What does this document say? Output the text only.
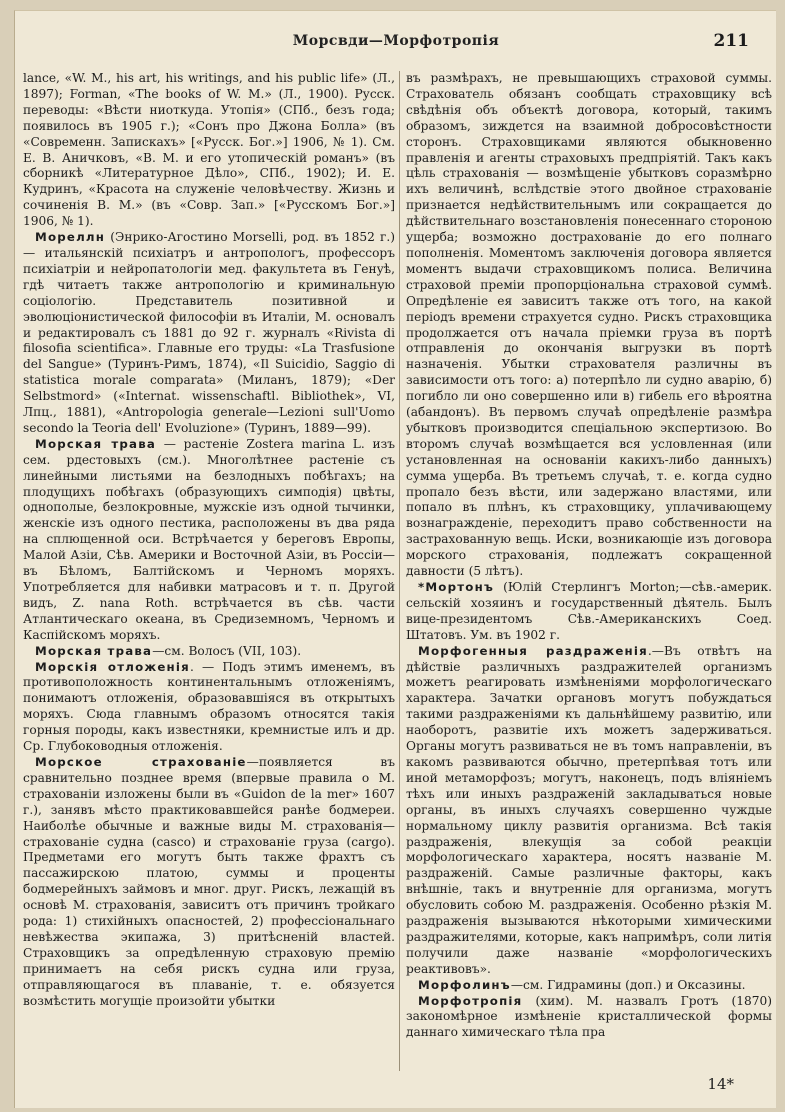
Морсвди—Морфотропія	211

lance, «W. M., his art, his writings, and his public life» (Л., 1897); Forman, «The books of W. M.» (Л., 1900). Русск. переводы: «Вѣсти ниоткуда. Утопія» (СПб., безъ года; появилось въ 1905 г.); «Сонъ про Джона Болла» (въ «Современн. Запискахъ» [«Русск. Бог.»] 1906, № 1). См. Е. В. Аничковъ, «В. М. и его утопическій романъ» (въ сборникѣ «Литературное Дѣло», СПб., 1902); И. Е. Кудринъ, «Красота на служеніе человѣчеству. Жизнь и сочиненія В. М.» (въ «Совр. Зап.» [«Русскомъ Бог.»] 1906, № 1).

Мореллн (Энрико-Агостино Morselli, род. въ 1852 г.) — итальянскій психіатръ и антропологъ, профессоръ психіатріи и нейропатологіи мед. факультета въ Генуѣ, гдѣ читаетъ также антропологію и криминальную соціологію. Представитель позитивной и эволюціонистической философіи въ Италіи, М. основалъ и редактировалъ съ 1881 до 92 г. журналъ «Rivista di filosofia scientifica». Главные его труды: «La Trasfusione del Sangue» (Туринъ-Римъ, 1874), «Il Suicidio, Saggio di statistica morale comparata» (Миланъ, 1879); «Der Selbstmord» («Internat. wissenschaftl. Bibliothek», VI, Лпц., 1881), «Antropologia generale—Lezioni sull'Uomo secondo la Teoria dell' Evoluzione» (Туринъ, 1889—99).

Морская трава — растеніе Zostera marina L. изъ сем. рдестовыхъ (см.). Многолѣтнее растеніе съ линейными листьями на безлодныхъ побѣгахъ; на плодущихъ побѣгахъ (образующихъ симподія) цвѣты, однополые, безлокровные, мужскіе изъ одной тычинки, женскіе изъ одного пестика, расположены въ два ряда на сплющенной оси. Встрѣчается у береговъ Европы, Малой Азіи, Сѣв. Америки и Восточной Азіи, въ Россіи—въ Бѣломъ, Балтійскомъ и Черномъ моряхъ. Употребляется для набивки матрасовъ и т. п. Другой видъ, Z. nana Roth. встрѣчается въ сѣв. части Атлантическаго океана, въ Средиземномъ, Черномъ и Каспійскомъ моряхъ.

Морская трава—см. Волосъ (VII, 103).

Морскія отложенія. — Подъ этимъ именемъ, въ противоположность континентальнымъ отложеніямъ, понимаютъ отложенія, образовавшіяся въ открытыхъ моряхъ. Сюда главнымъ образомъ относятся такія горныя породы, какъ известняки, кремнистые илъ и др. Ср. Глубоководныя отложенія.

Морское страхованіе—появляется въ сравнительно позднее время (впервые правила о М. страхованіи изложены были въ «Guidon de la mer» 1607 г.), занявъ мѣсто практиковавшейся ранѣе бодмереи. Наиболѣе обычные и важные виды М. страхованія—страхованіе судна (casco) и страхованіе груза (cargo). Предметами его могутъ быть также фрахтъ съ пассажирскою платою, суммы и проценты бодмерейныхъ займовъ и мног. друг. Рискъ, лежащій въ основѣ М. страхованія, зависитъ отъ причинъ тройкаго рода: 1) стихійныхъ опасностей, 2) профессіональнаго невѣжества экипажа, 3) притѣсненій властей. Страховщикъ за опредѣленную страховую премію принимаетъ на себя рискъ судна или груза, отправляющагося въ плаваніе, т. е. обязуется возмѣстить могущіе произойти убытки

въ размѣрахъ, не превышающихъ страховой суммы. Страхователь обязанъ сообщать страховщику всѣ свѣдѣнія объ объектѣ договора, который, такимъ образомъ, зиждется на взаимной добросовѣстности сторонъ. Страховщиками являются обыкновенно правленія и агенты страховыхъ предпріятій. Такъ какъ цѣль страхованія — возмѣщеніе убытковъ соразмѣрно ихъ величинѣ, вслѣдствіе этого двойное страхованіе признается недѣйствительнымъ или сокращается до дѣйствительнаго возстановленія понесеннаго стороною ущерба; возможно дострахованіе до его полнаго пополненія. Моментомъ заключенія договора является моментъ выдачи страховщикомъ полиса. Величина страховой преміи пропорціональна страховой суммѣ. Опредѣленіе ея зависитъ также отъ того, на какой періодъ времени страхуется судно. Рискъ страховщика продолжается отъ начала пріемки груза въ портѣ отправленія до окончанія выгрузки въ портѣ назначенія. Убытки страхователя различны въ зависимости отъ того: а) потерпѣло ли судно аварію, б) погибло ли оно совершенно или в) гибель его вѣроятна (абандонъ). Въ первомъ случаѣ опредѣленіе размѣра убытковъ производится спеціальною экспертизою. Во второмъ случаѣ возмѣщается вся условленная (или установленная на основаніи какихъ-либо данныхъ) сумма ущерба. Въ третьемъ случаѣ, т. е. когда судно пропало безъ вѣсти, или задержано властями, или попало въ плѣнъ, къ страховщику, уплачивающему вознагражденіе, переходитъ право собственности на застрахованную вещь. Иски, возникающіе изъ договора морского страхованія, подлежатъ сокращенной давности (5 лѣтъ).

*Мортонъ (Юлій Стерлингъ Morton;—сѣв.-америк. сельскій хозяинъ и государственный дѣятель. Былъ вице-президентомъ Сѣв.-Американскихъ Соед. Штатовъ. Ум. въ 1902 г.

Морфогенныя раздраженія.—Въ отвѣтъ на дѣйствіе различныхъ раздражителей организмъ можетъ реагировать измѣненіями морфологическаго характера. Зачатки органовъ могутъ побуждаться такими раздраженіями къ дальнѣйшему развитію, или наоборотъ, развитіе ихъ можетъ задерживаться. Органы могутъ развиваться не въ томъ направленіи, въ какомъ развиваются обычно, претерпѣвая тотъ или иной метаморфозъ; могутъ, наконецъ, подъ вліяніемъ тѣхъ или иныхъ раздраженій закладываться новые органы, въ иныхъ случаяхъ совершенно чуждые нормальному циклу развитія организма. Всѣ такія раздраженія, влекущія за собой реакціи морфологическаго характера, носятъ названіе М. раздраженій. Самые различные факторы, какъ внѣшніе, такъ и внутренніе для организма, могутъ обусловить собою М. раздраженія. Особенно рѣзкія М. раздраженія вызываются нѣкоторыми химическими раздражителями, которые, какъ напримѣръ, соли литія получили даже названіе «морфологическихъ реактивовъ».

Морфолинъ—см. Гидрамины (доп.) и Оксазины.

Морфотропія (хим). М. назвалъ Гротъ (1870) закономѣрное измѣненіе кристаллической формы даннаго химическаго тѣла пра

14*
